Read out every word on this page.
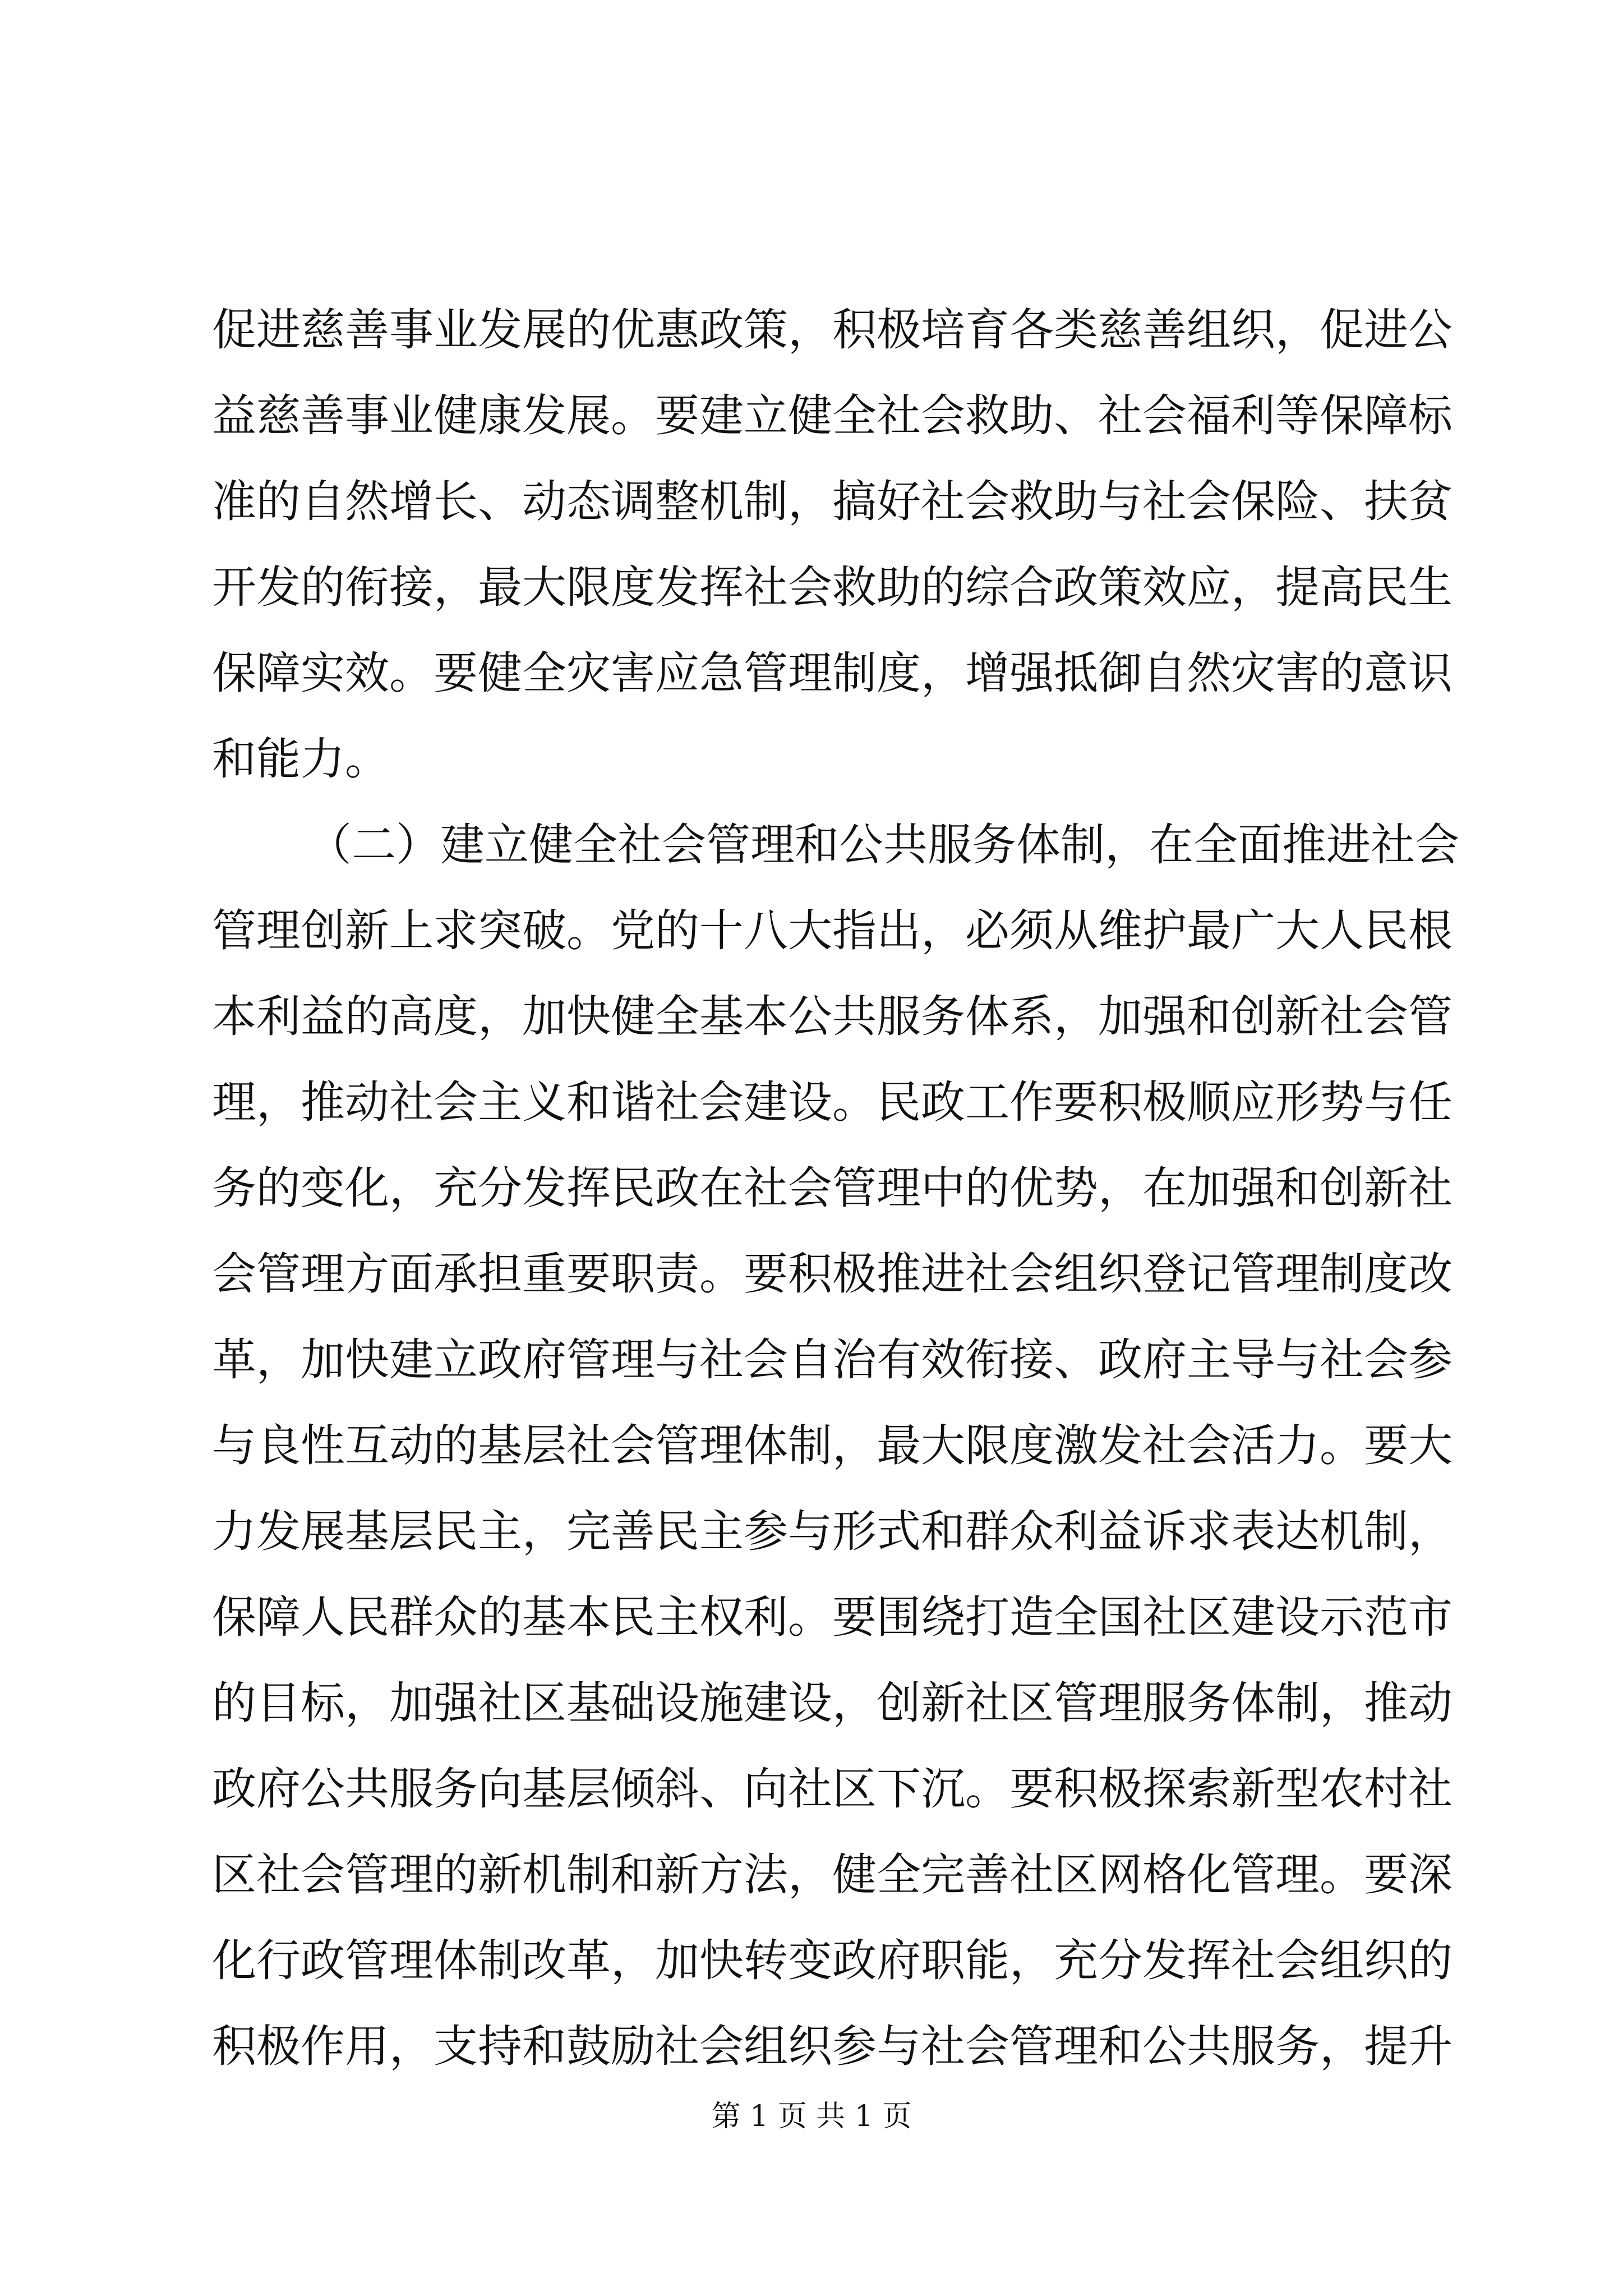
促进慈善事业发展的优惠政策，积极培育各类慈善组织，促进公
益慈善事业健康发展。要建立健全社会救助、社会福利等保障标
准的自然增长、动态调整机制，搞好社会救助与社会保险、扶贫
开发的衔接，最大限度发挥社会救助的综合政策效应，提高民生
保障实效。要健全灾害应急管理制度，增强抵御自然灾害的意识
和能力。
（二）建立健全社会管理和公共服务体制，在全面推进社会
管理创新上求突破。党的十八大指出，必须从维护最广大人民根
本利益的高度，加快健全基本公共服务体系，加强和创新社会管
理，推动社会主义和谐社会建设。民政工作要积极顺应形势与任
务的变化，充分发挥民政在社会管理中的优势，在加强和创新社
会管理方面承担重要职责。要积极推进社会组织登记管理制度改
革，加快建立政府管理与社会自治有效衔接、政府主导与社会参
与良性互动的基层社会管理体制，最大限度激发社会活力。要大
力发展基层民主，完善民主参与形式和群众利益诉求表达机制，
保障人民群众的基本民主权利。要围绕打造全国社区建设示范市
的目标，加强社区基础设施建设，创新社区管理服务体制，推动
政府公共服务向基层倾斜、向社区下沉。要积极探索新型农村社
区社会管理的新机制和新方法，健全完善社区网格化管理。要深
化行政管理体制改革，加快转变政府职能，充分发挥社会组织的
积极作用，支持和鼓励社会组织参与社会管理和公共服务，提升
第 1 页 共 1 页
